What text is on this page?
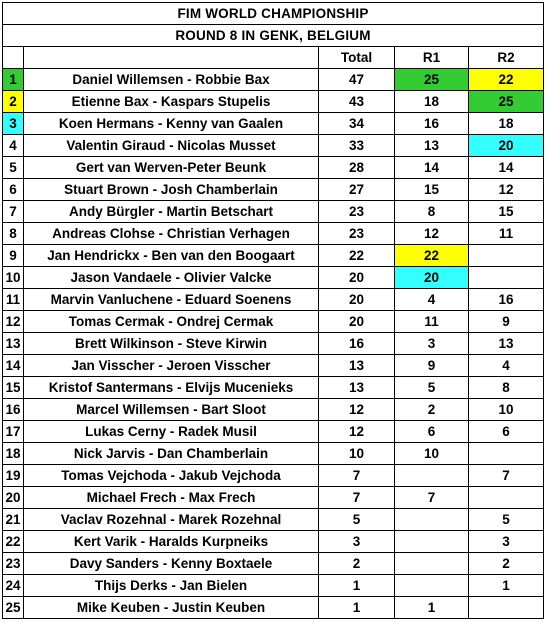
FIM WORLD CHAMPIONSHIP				
ROUND 8 IN GENK, BELGIUM				
		Total	R1	R2
1	Daniel Willemsen - Robbie Bax	47	25	22
2	Etienne Bax - Kaspars Stupelis	43	18	25
3	Koen Hermans - Kenny van Gaalen	34	16	18
4	Valentin Giraud - Nicolas Musset	33	13	20
5	Gert van Werven-Peter Beunk	28	14	14
6	Stuart Brown - Josh Chamberlain	27	15	12
7	Andy Bürgler - Martin Betschart	23	8	15
8	Andreas Clohse - Christian Verhagen	23	12	11
9	Jan Hendrickx - Ben van den Boogaart	22	22	
10	Jason Vandaele - Olivier Valcke	20	20	
11	Marvin Vanluchene - Eduard Soenens	20	4	16
12	Tomas Cermak - Ondrej Cermak	20	11	9
13	Brett Wilkinson - Steve Kirwin	16	3	13
14	Jan Visscher - Jeroen Visscher	13	9	4
15	Kristof Santermans - Elvijs Mucenieks	13	5	8
16	Marcel Willemsen - Bart Sloot	12	2	10
17	Lukas Cerny - Radek Musil	12	6	6
18	Nick Jarvis - Dan Chamberlain	10	10	
19	Tomas Vejchoda - Jakub Vejchoda	7		7
20	Michael Frech - Max Frech	7	7	
21	Vaclav Rozehnal - Marek Rozehnal	5		5
22	Kert Varik - Haralds Kurpneiks	3		3
23	Davy Sanders - Kenny Boxtaele	2		2
24	Thijs Derks - Jan Bielen	1		1
25	Mike Keuben - Justin Keuben	1	1	
